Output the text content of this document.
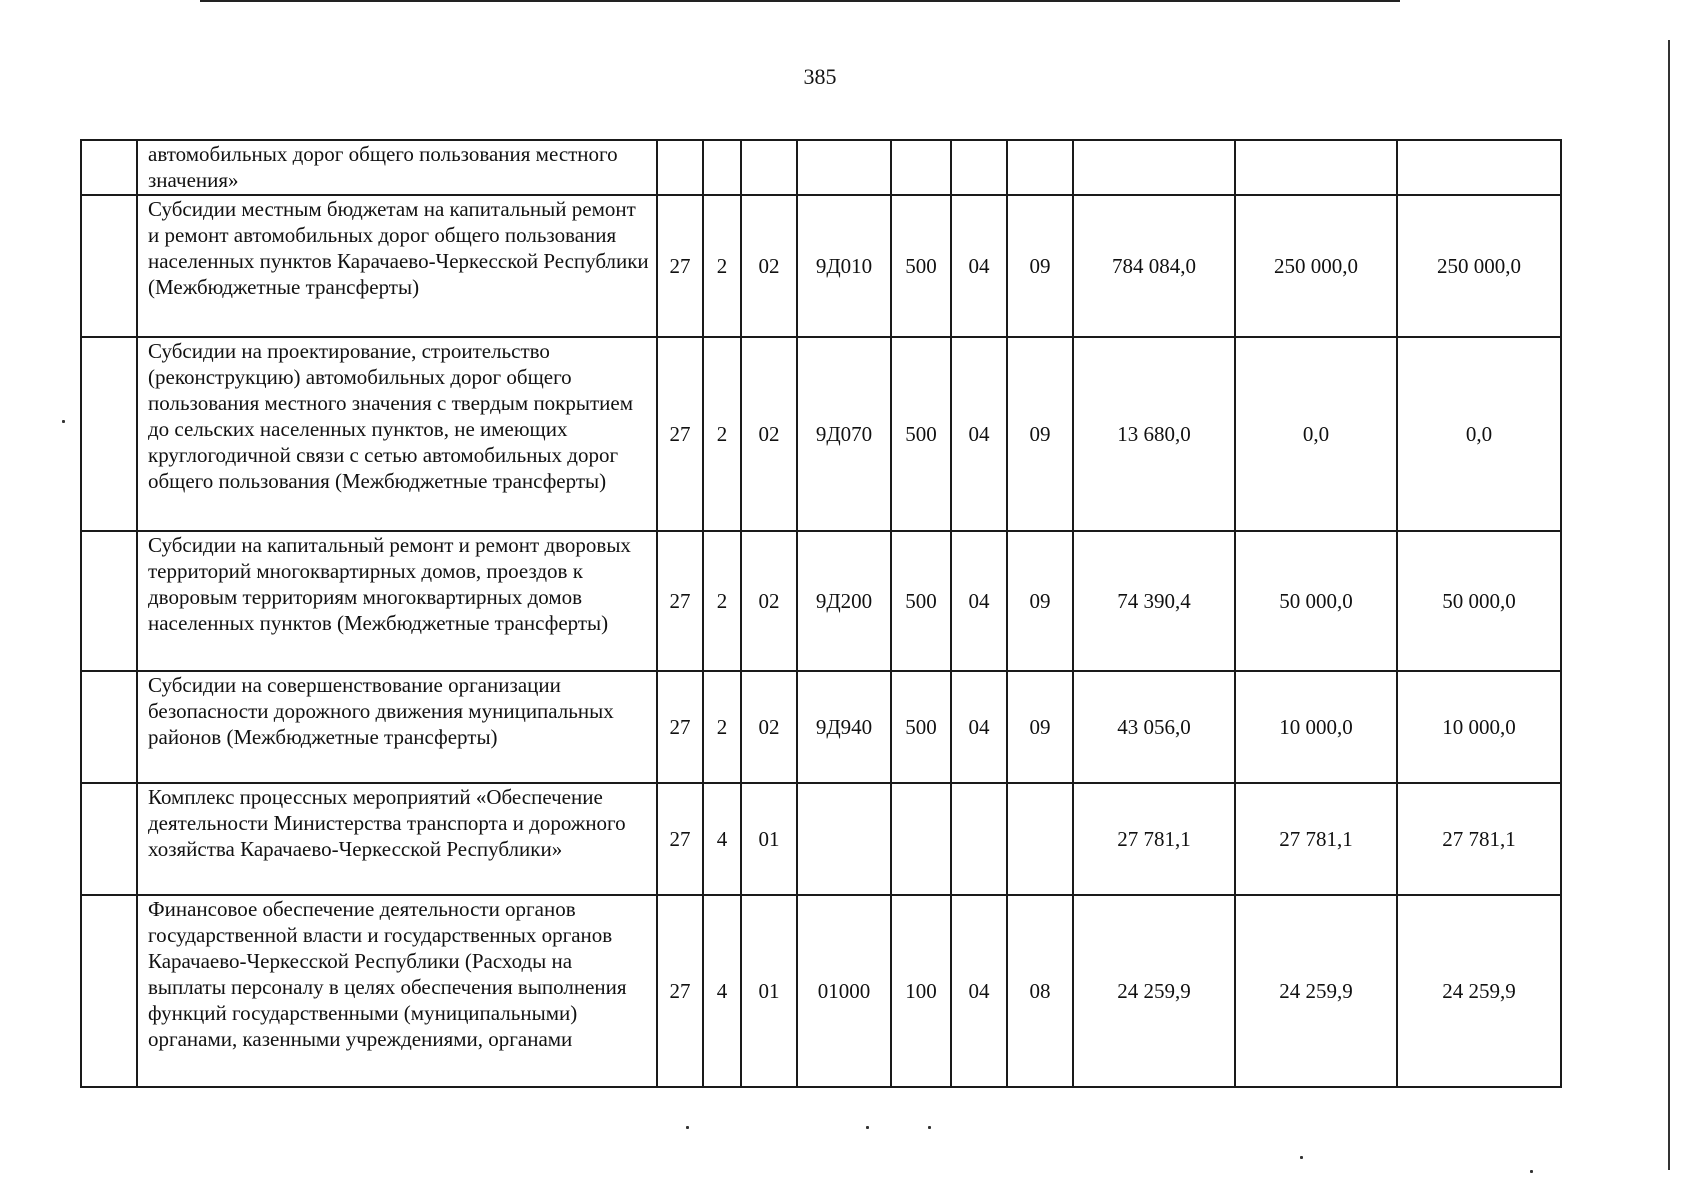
385
	автомобильных дорог общего пользования местного значения»										
	Субсидии местным бюджетам на капитальный ремонт и ремонт автомобильных дорог общего пользования населенных пунктов Карачаево-Черкесской Республики (Межбюджетные трансферты)	27	2	02	9Д010	500	04	09	784 084,0	250 000,0	250 000,0
	Субсидии на проектирование, строительство (реконструкцию) автомобильных дорог общего пользования местного значения с твердым покрытием до сельских населенных пунктов, не имеющих круглогодичной связи с сетью автомобильных дорог общего пользования (Межбюджетные трансферты)	27	2	02	9Д070	500	04	09	13 680,0	0,0	0,0
	Субсидии на капитальный ремонт и ремонт дворовых территорий многоквартирных домов, проездов к дворовым территориям многоквартирных домов населенных пунктов (Межбюджетные трансферты)	27	2	02	9Д200	500	04	09	74 390,4	50 000,0	50 000,0
	Субсидии на совершенствование организации безопасности дорожного движения муниципальных районов (Межбюджетные трансферты)	27	2	02	9Д940	500	04	09	43 056,0	10 000,0	10 000,0
	Комплекс процессных мероприятий «Обеспечение деятельности Министерства транспорта и дорожного хозяйства Карачаево-Черкесской Республики»	27	4	01					27 781,1	27 781,1	27 781,1
	Финансовое обеспечение деятельности органов государственной власти и государственных органов Карачаево-Черкесской Республики (Расходы на выплаты персоналу в целях обеспечения выполнения функций государственными (муниципальными) органами, казенными учреждениями, органами	27	4	01	01000	100	04	08	24 259,9	24 259,9	24 259,9
